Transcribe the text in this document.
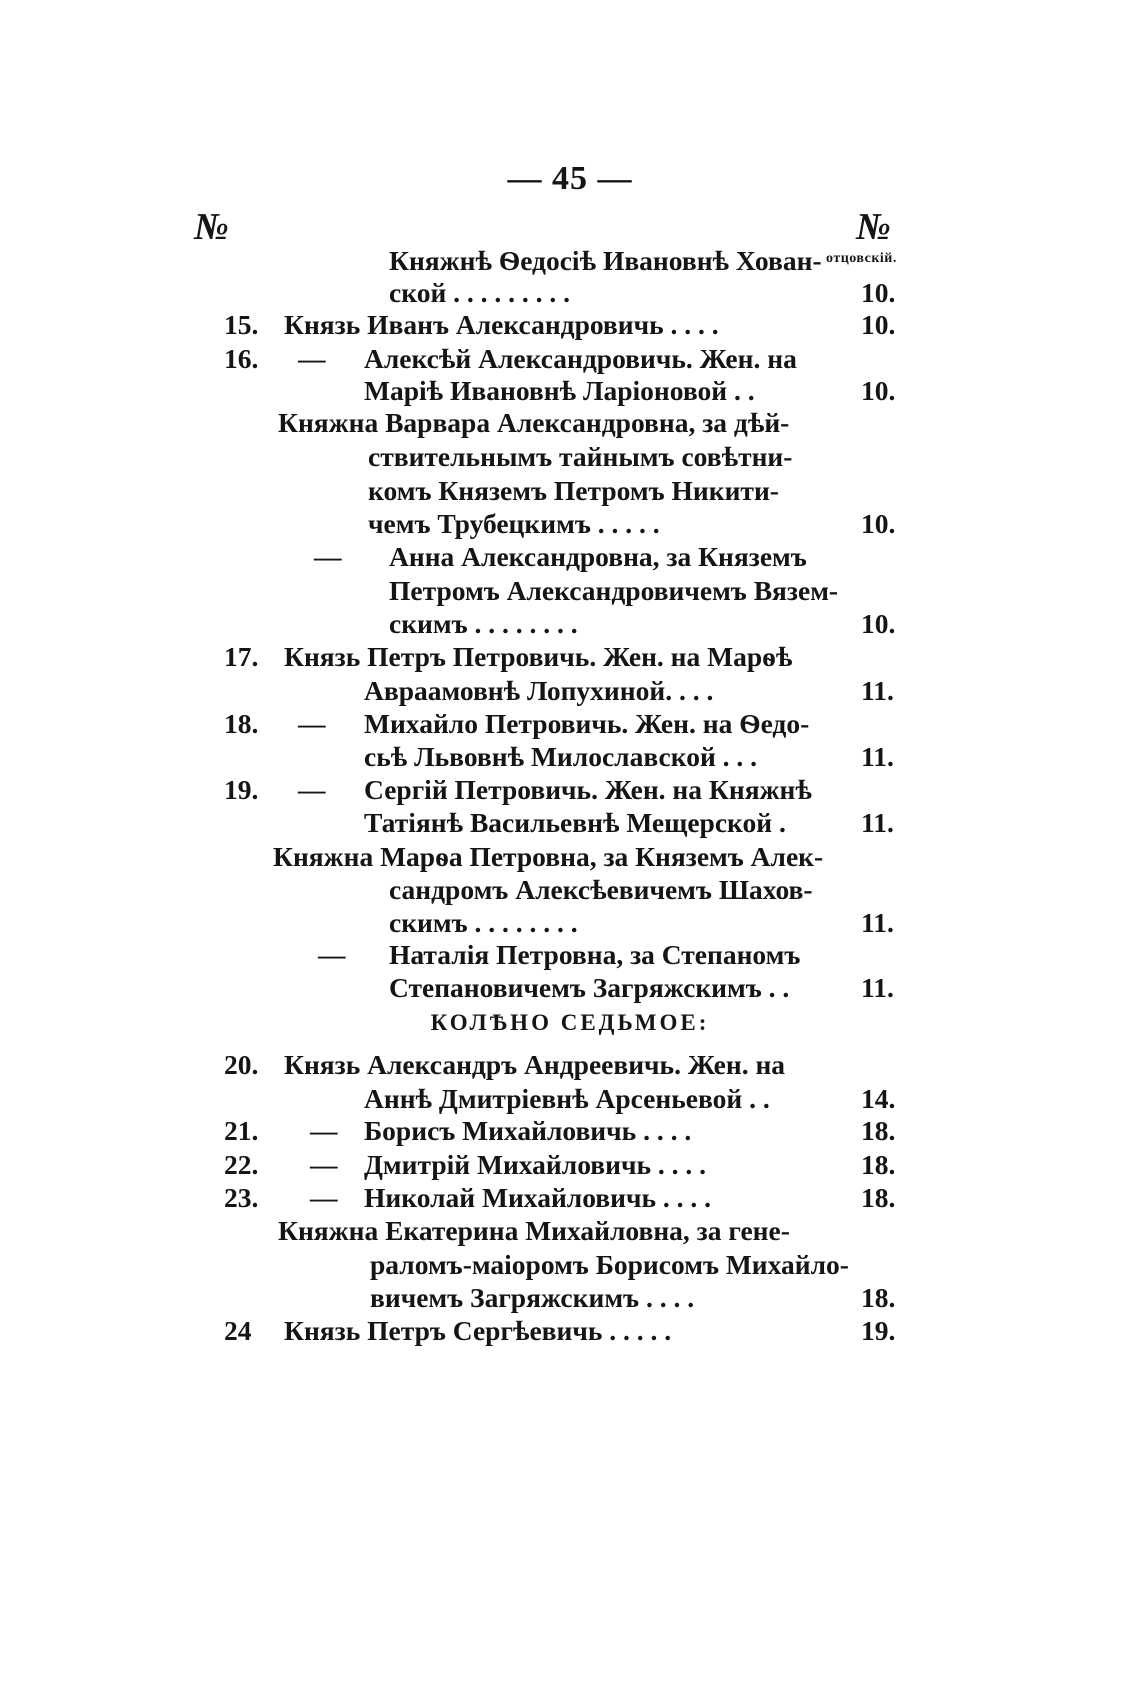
— 45 —
№	№
отцовскій.
Княжнѣ Ѳедосіѣ Ивановнѣ Хован-
ской . . . . . . . . .	10.
15. Князь Иванъ Александровичь . . . .	10.
16. — Алексѣй Александровичь. Жен. на
Маріѣ Ивановнѣ Ларіоновой . .	10.
Княжна Варвара Александровна, за дѣй-
ствительнымъ тайнымъ совѣтни-
комъ Княземъ Петромъ Никити-
чемъ Трубецкимъ . . . . .	10.
— Анна Александровна, за Княземъ
Петромъ Александровичемъ Вязем-
скимъ . . . . . . . .	10.
17. Князь Петръ Петровичь. Жен. на Марѳѣ
Авраамовнѣ Лопухиной. . . .	11.
18. — Михайло Петровичь. Жен. на Ѳедо-
сьѣ Львовнѣ Милославской . . .	11.
19. — Сергій Петровичь. Жен. на Княжнѣ
Татіянѣ Васильевнѣ Мещерской .	11.
Княжна Марѳа Петровна, за Княземъ Алек-
сандромъ Алексѣевичемъ Шахов-
скимъ . . . . . . . .	11.
— Наталія Петровна, за Степаномъ
Степановичемъ Загряжскимъ . .	11.
КОЛѢНО СЕДЬМОЕ:
20. Князь Александръ Андреевичь. Жен. на
Аннѣ Дмитріевнѣ Арсеньевой . .	14.
21. — Борисъ Михайловичь . . . .	18.
22. — Дмитрій Михайловичь . . . .	18.
23. — Николай Михайловичь . . . .	18.
Княжна Екатерина Михайловна, за гене-
раломъ-маіоромъ Борисомъ Михайло-
вичемъ Загряжскимъ . . . .	18.
24 Князь Петръ Сергѣевичь . . . . .	19.
